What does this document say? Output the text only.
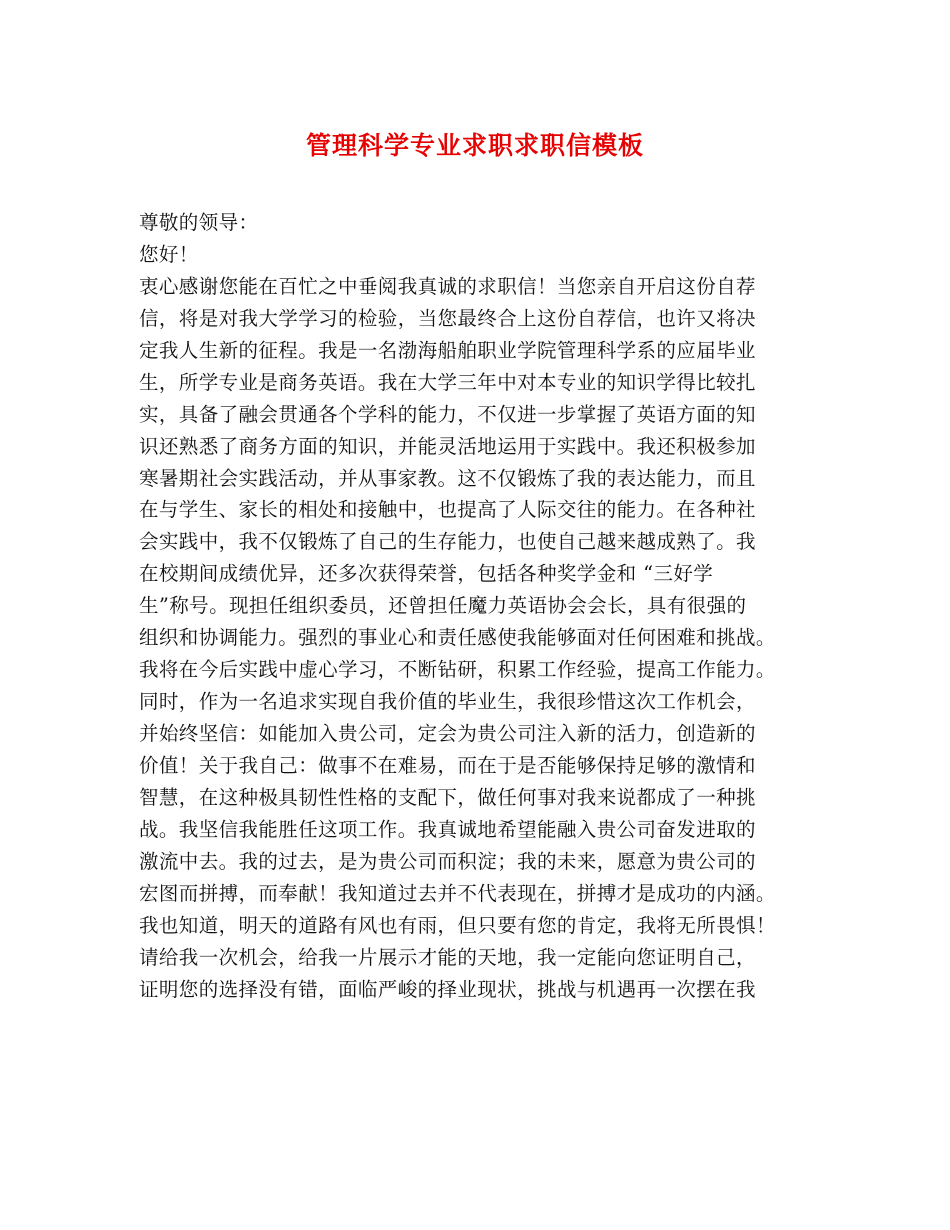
管理科学专业求职求职信模板
尊敬的领导：
您好！
衷心感谢您能在百忙之中垂阅我真诚的求职信！当您亲自开启这份自荐
信，将是对我大学学习的检验，当您最终合上这份自荐信，也许又将决
定我人生新的征程。我是一名渤海船舶职业学院管理科学系的应届毕业
生，所学专业是商务英语。我在大学三年中对本专业的知识学得比较扎
实，具备了融会贯通各个学科的能力，不仅进一步掌握了英语方面的知
识还熟悉了商务方面的知识，并能灵活地运用于实践中。我还积极参加
寒暑期社会实践活动，并从事家教。这不仅锻炼了我的表达能力，而且
在与学生、家长的相处和接触中，也提高了人际交往的能力。在各种社
会实践中，我不仅锻炼了自己的生存能力，也使自己越来越成熟了。我
在校期间成绩优异，还多次获得荣誉，包括各种奖学金和 “三好学
生”称号。现担任组织委员，还曾担任魔力英语协会会长，具有很强的
组织和协调能力。强烈的事业心和责任感使我能够面对任何困难和挑战。
我将在今后实践中虚心学习，不断钻研，积累工作经验，提高工作能力。
同时，作为一名追求实现自我价值的毕业生，我很珍惜这次工作机会，
并始终坚信：如能加入贵公司，定会为贵公司注入新的活力，创造新的
价值！关于我自己：做事不在难易，而在于是否能够保持足够的激情和
智慧，在这种极具韧性性格的支配下，做任何事对我来说都成了一种挑
战。我坚信我能胜任这项工作。我真诚地希望能融入贵公司奋发进取的
激流中去。我的过去，是为贵公司而积淀；我的未来，愿意为贵公司的
宏图而拼搏，而奉献！我知道过去并不代表现在，拼搏才是成功的内涵。
我也知道，明天的道路有风也有雨，但只要有您的肯定，我将无所畏惧！
请给我一次机会，给我一片展示才能的天地，我一定能向您证明自己，
证明您的选择没有错，面临严峻的择业现状，挑战与机遇再一次摆在我
